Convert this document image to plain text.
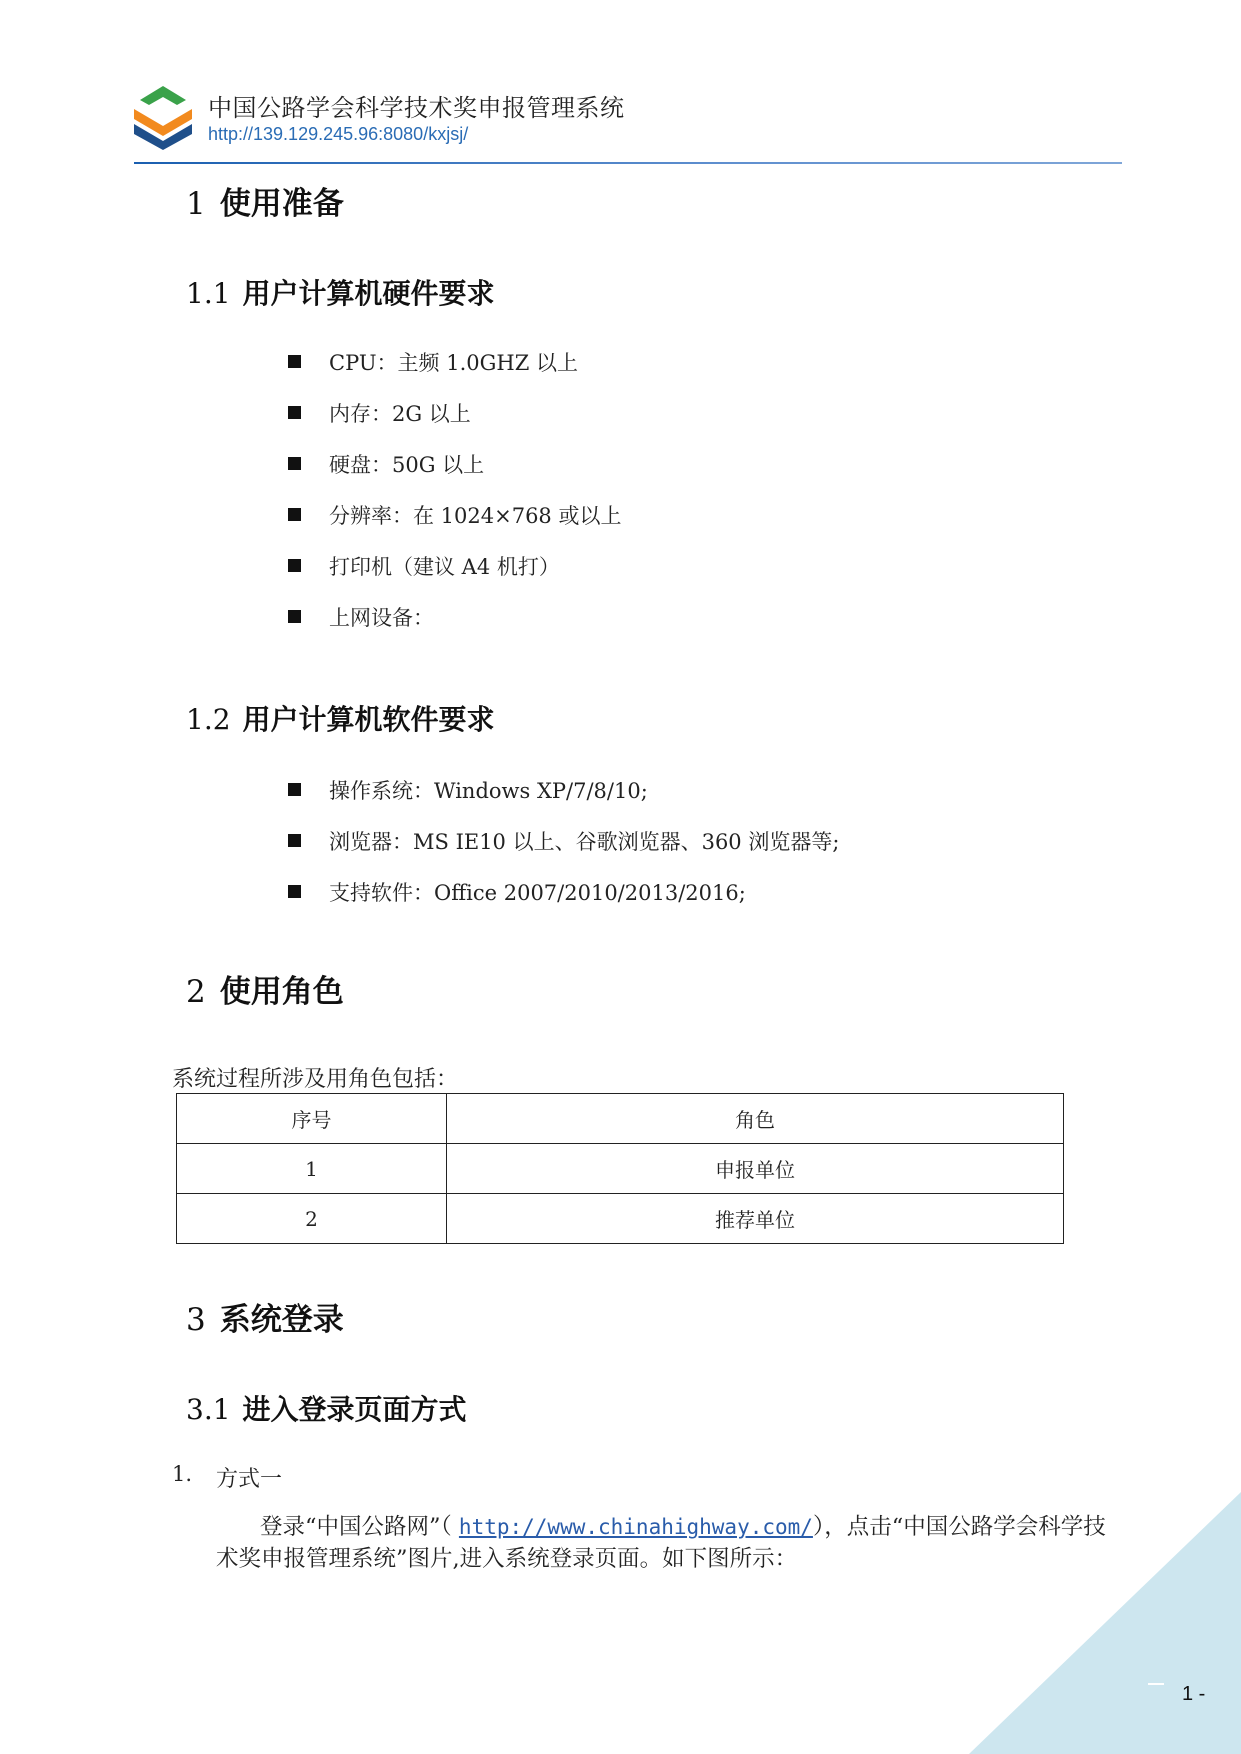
中国公路学会科学技术奖申报管理系统
http://139.129.245.96:8080/kxjsj/
1 使用准备
1.1 用户计算机硬件要求
CPU：主频 1.0GHZ 以上
内存：2G 以上
硬盘：50G 以上
分辨率：在 1024×768 或以上
打印机（建议 A4 机打）
上网设备：
1.2 用户计算机软件要求
操作系统：Windows XP/7/8/10;
浏览器：MS IE10 以上、谷歌浏览器、360 浏览器等;
支持软件：Office 2007/2010/2013/2016;
2 使用角色
系统过程所涉及用角色包括：
序号	角色
1	申报单位
2	推荐单位
3 系统登录
3.1 进入登录页面方式
1. 方式一
登录“中国公路网”（ http://www.chinahighway.com/），点击“中国公路学会科学技术奖申报管理系统”图片,进入系统登录页面。如下图所示：
1 -
